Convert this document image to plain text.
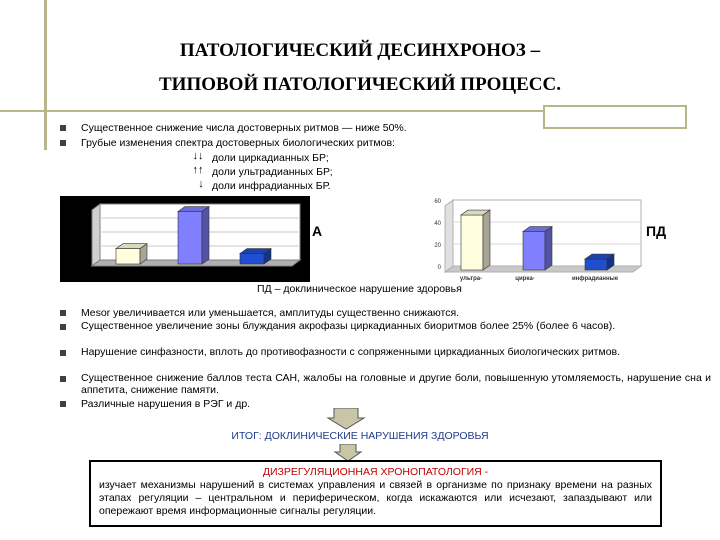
ПАТОЛОГИЧЕСКИЙ ДЕСИНХРОНОЗ –
ТИПОВОЙ ПАТОЛОГИЧЕСКИЙ ПРОЦЕСС.
Существенное снижение числа достоверных ритмов — ниже 50%.
Грубые изменения спектра достоверных биологических ритмов:
↓↓ доли циркадианных БР;
↑↑ доли ультрадианных БР;
↓ доли инфрадианных БР.
А
60
40
20
0
ультра-	цирка-	инфрадианные
ПД
ПД – доклиническое нарушение здоровья
Mesor увеличивается или уменьшается, амплитуды существенно снижаются.
Существенное увеличение зоны блуждания акрофазы циркадианных биоритмов более 25% (более 6 часов).
Нарушение синфазности, вплоть до противофазности с сопряженными циркадианных биологических ритмов.
Существенное снижение баллов теста САН, жалобы на головные и другие боли, повышенную утомляемость, нарушение сна и аппетита, снижение памяти.
Различные нарушения в РЭГ и др.
ИТОГ: ДОКЛИНИЧЕСКИЕ НАРУШЕНИЯ ЗДОРОВЬЯ
ДИЗРЕГУЛЯЦИОННАЯ ХРОНОПАТОЛОГИЯ -
изучает механизмы нарушений в системах управления и связей в организме по признаку времени на разных этапах регуляции – центральном и периферическом, когда искажаются или исчезают, запаздывают или опережают время информационные сигналы регуляции.
